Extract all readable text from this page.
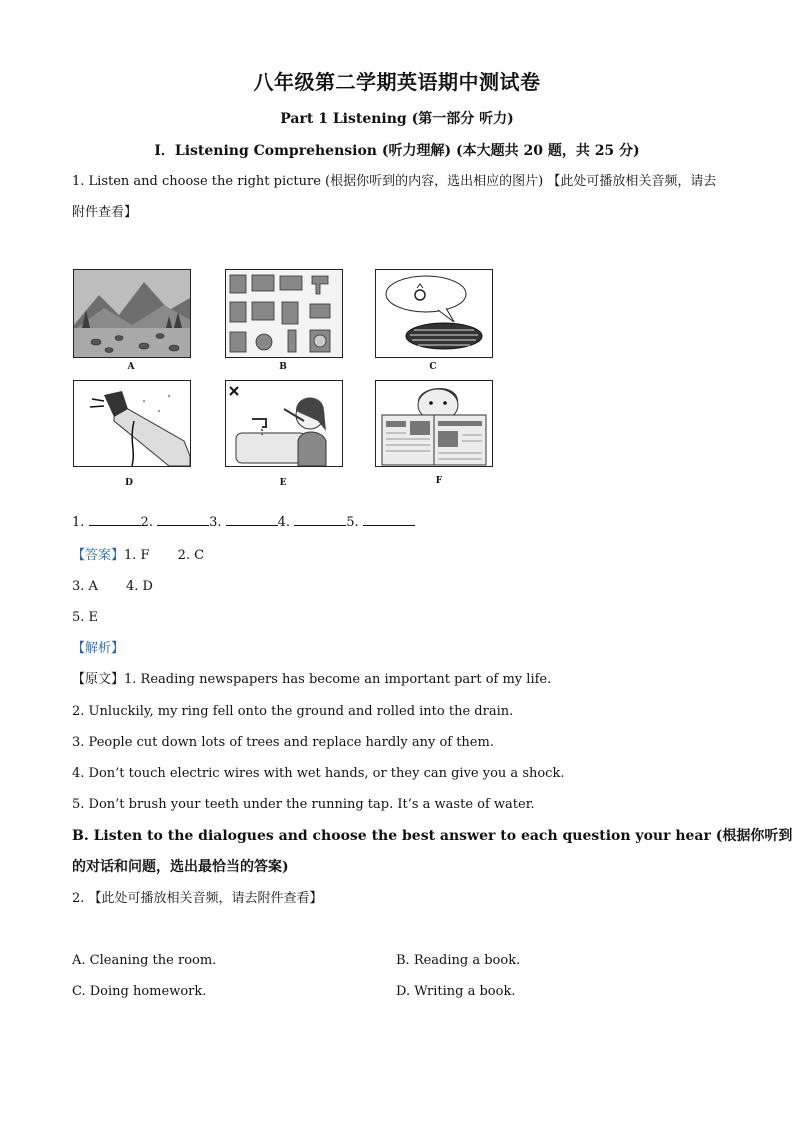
八年级第二学期英语期中测试卷
Part 1 Listening (第一部分 听力)
I．Listening Comprehension (听力理解) (本大题共 20 题，共 25 分)
1. Listen and choose the right picture (根据你听到的内容，选出相应的图片) 【此处可播放相关音频，请去
附件查看】
A	B	C
D	E	F
1.	2.	3.	4.	5.
【答案】1. F 2. C
3. A 4. D
5. E
【解析】
【原文】1. Reading newspapers has become an important part of my life.
2. Unluckily, my ring fell onto the ground and rolled into the drain.
3. People cut down lots of trees and replace hardly any of them.
4. Don’t touch electric wires with wet hands, or they can give you a shock.
5. Don’t brush your teeth under the running tap. It’s a waste of water.
B. Listen to the dialogues and choose the best answer to each question your hear (根据你听到
的对话和问题，选出最恰当的答案)
2. 【此处可播放相关音频，请去附件查看】
A. Cleaning the room.	B. Reading a book.
C. Doing homework.	D. Writing a book.
